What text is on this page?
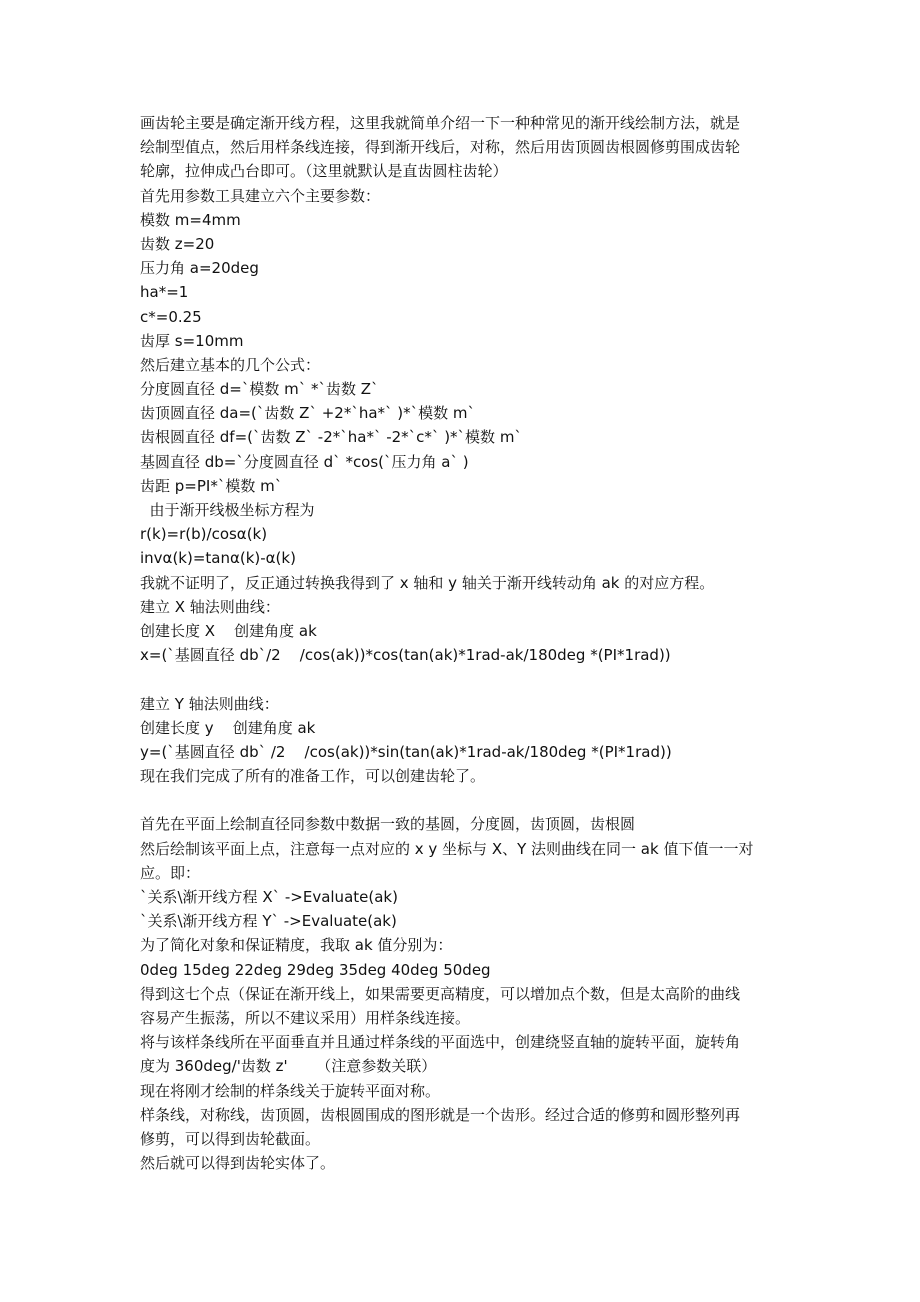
画齿轮主要是确定渐开线方程，这里我就简单介绍一下一种种常见的渐开线绘制方法，就是
绘制型值点，然后用样条线连接，得到渐开线后，对称，然后用齿顶圆齿根圆修剪围成齿轮
轮廓，拉伸成凸台即可。（这里就默认是直齿圆柱齿轮）
首先用参数工具建立六个主要参数：
模数 m=4mm
齿数 z=20
压力角 a=20deg
ha*=1
c*=0.25
齿厚 s=10mm
然后建立基本的几个公式：
分度圆直径 d=`模数 m` *`齿数 Z`
齿顶圆直径 da=(`齿数 Z` +2*`ha*` )*`模数 m`
齿根圆直径 df=(`齿数 Z` -2*`ha*` -2*`c*` )*`模数 m`
基圆直径 db=`分度圆直径 d` *cos(`压力角 a` )
齿距 p=PI*`模数 m`
由于渐开线极坐标方程为
r(k)=r(b)/cosα(k)
invα(k)=tanα(k)-α(k)
我就不证明了，反正通过转换我得到了 x 轴和 y 轴关于渐开线转动角 ak 的对应方程。
建立 X 轴法则曲线：
创建长度 X    创建角度 ak
x=(`基圆直径 db`/2    /cos(ak))*cos(tan(ak)*1rad-ak/180deg *(PI*1rad))
建立 Y 轴法则曲线：
创建长度 y    创建角度 ak
y=(`基圆直径 db` /2    /cos(ak))*sin(tan(ak)*1rad-ak/180deg *(PI*1rad))
现在我们完成了所有的准备工作，可以创建齿轮了。
首先在平面上绘制直径同参数中数据一致的基圆，分度圆，齿顶圆，齿根圆
然后绘制该平面上点，注意每一点对应的 x y 坐标与 X、Y 法则曲线在同一 ak 值下值一一对
应。即：
`关系\渐开线方程 X` ->Evaluate(ak)
`关系\渐开线方程 Y` ->Evaluate(ak)
为了简化对象和保证精度，我取 ak 值分别为：
0deg 15deg 22deg 29deg 35deg 40deg 50deg
得到这七个点（保证在渐开线上，如果需要更高精度，可以增加点个数，但是太高阶的曲线
容易产生振荡，所以不建议采用）用样条线连接。
将与该样条线所在平面垂直并且通过样条线的平面选中，创建绕竖直轴的旋转平面，旋转角
度为 360deg/'齿数 z'      （注意参数关联）
现在将刚才绘制的样条线关于旋转平面对称。
样条线，对称线，齿顶圆，齿根圆围成的图形就是一个齿形。经过合适的修剪和圆形整列再
修剪，可以得到齿轮截面。
然后就可以得到齿轮实体了。
